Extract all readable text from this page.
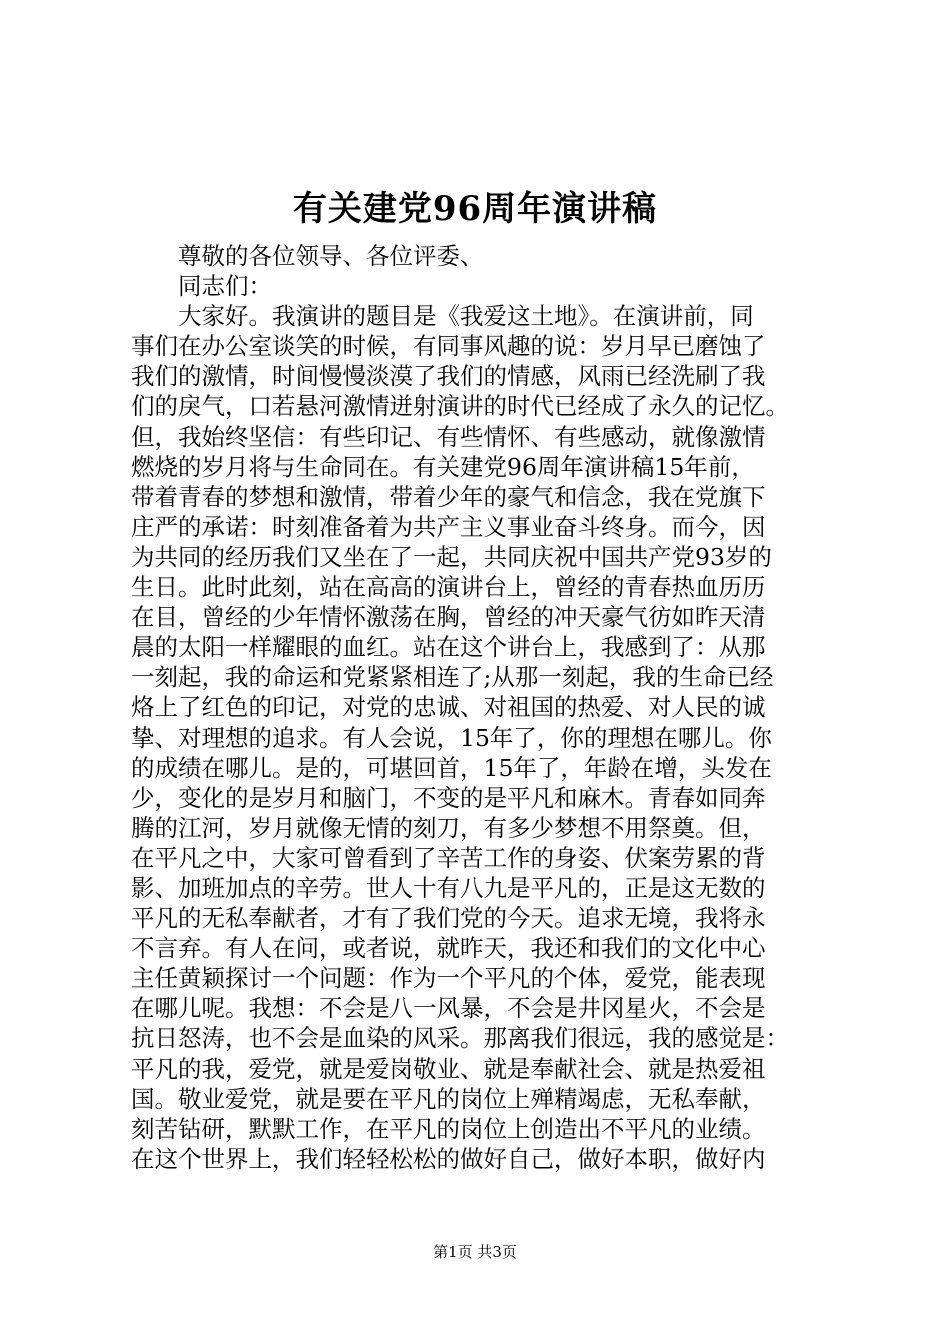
有关建党96周年演讲稿
尊敬的各位领导、各位评委、
同志们：
大家好。我演讲的题目是《我爱这土地》。在演讲前，同
事们在办公室谈笑的时候，有同事风趣的说：岁月早已磨蚀了
我们的激情，时间慢慢淡漠了我们的情感，风雨已经洗刷了我
们的戾气，口若悬河激情迸射演讲的时代已经成了永久的记忆。
但，我始终坚信：有些印记、有些情怀、有些感动，就像激情
燃烧的岁月将与生命同在。有关建党96周年演讲稿15年前，
带着青春的梦想和激情，带着少年的豪气和信念，我在党旗下
庄严的承诺：时刻准备着为共产主义事业奋斗终身。而今，因
为共同的经历我们又坐在了一起，共同庆祝中国共产党93岁的
生日。此时此刻，站在高高的演讲台上，曾经的青春热血历历
在目，曾经的少年情怀激荡在胸，曾经的冲天豪气彷如昨天清
晨的太阳一样耀眼的血红。站在这个讲台上，我感到了：从那
一刻起，我的命运和党紧紧相连了;从那一刻起，我的生命已经
烙上了红色的印记，对党的忠诚、对祖国的热爱、对人民的诚
挚、对理想的追求。有人会说，15年了，你的理想在哪儿。你
的成绩在哪儿。是的，可堪回首，15年了，年龄在增，头发在
少，变化的是岁月和脑门，不变的是平凡和麻木。青春如同奔
腾的江河，岁月就像无情的刻刀，有多少梦想不用祭奠。但，
在平凡之中，大家可曾看到了辛苦工作的身姿、伏案劳累的背
影、加班加点的辛劳。世人十有八九是平凡的，正是这无数的
平凡的无私奉献者，才有了我们党的今天。追求无境，我将永
不言弃。有人在问，或者说，就昨天，我还和我们的文化中心
主任黄颖探讨一个问题：作为一个平凡的个体，爱党，能表现
在哪儿呢。我想：不会是八一风暴，不会是井冈星火，不会是
抗日怒涛，也不会是血染的风采。那离我们很远，我的感觉是：
平凡的我，爱党，就是爱岗敬业、就是奉献社会、就是热爱祖
国。敬业爱党，就是要在平凡的岗位上殚精竭虑，无私奉献，
刻苦钻研，默默工作，在平凡的岗位上创造出不平凡的业绩。
在这个世界上，我们轻轻松松的做好自己，做好本职，做好内
第1页 共3页
